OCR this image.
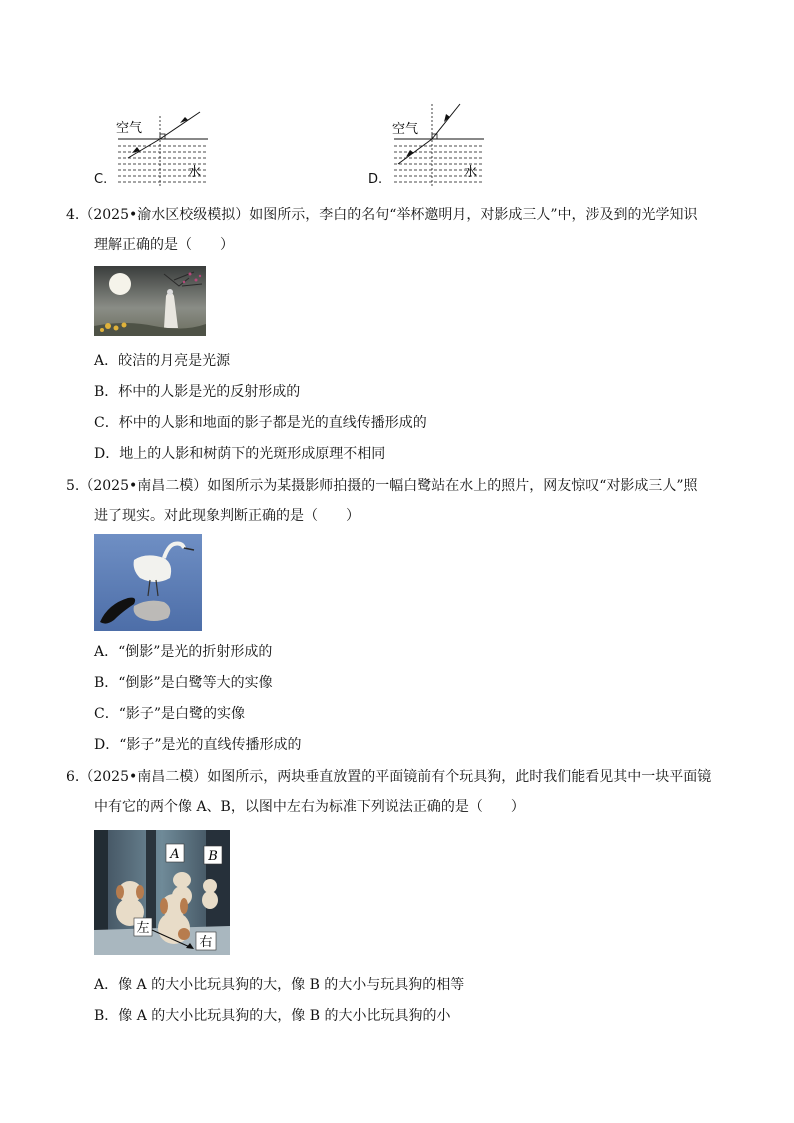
C.
空气
水	D.
空气
水
4.（2025•渝水区校级模拟）如图所示，李白的名句“举杯邀明月，对影成三人”中，涉及到的光学知识
理解正确的是（　　）
A．皎洁的月亮是光源
B．杯中的人影是光的反射形成的
C．杯中的人影和地面的影子都是光的直线传播形成的
D．地上的人影和树荫下的光斑形成原理不相同
5.（2025•南昌二模）如图所示为某摄影师拍摄的一幅白鹭站在水上的照片，网友惊叹“对影成三人”照
进了现实。对此现象判断正确的是（　　）
A．“倒影”是光的折射形成的
B．“倒影”是白鹭等大的实像
C．“影子”是白鹭的实像
D．“影子”是光的直线传播形成的
6.（2025•南昌二模）如图所示，两块垂直放置的平面镜前有个玩具狗，此时我们能看见其中一块平面镜
中有它的两个像 A、B，以图中左右为标准下列说法正确的是（　　）
A B
左
右
A．像 A 的大小比玩具狗的大，像 B 的大小与玩具狗的相等
B．像 A 的大小比玩具狗的大，像 B 的大小比玩具狗的小
